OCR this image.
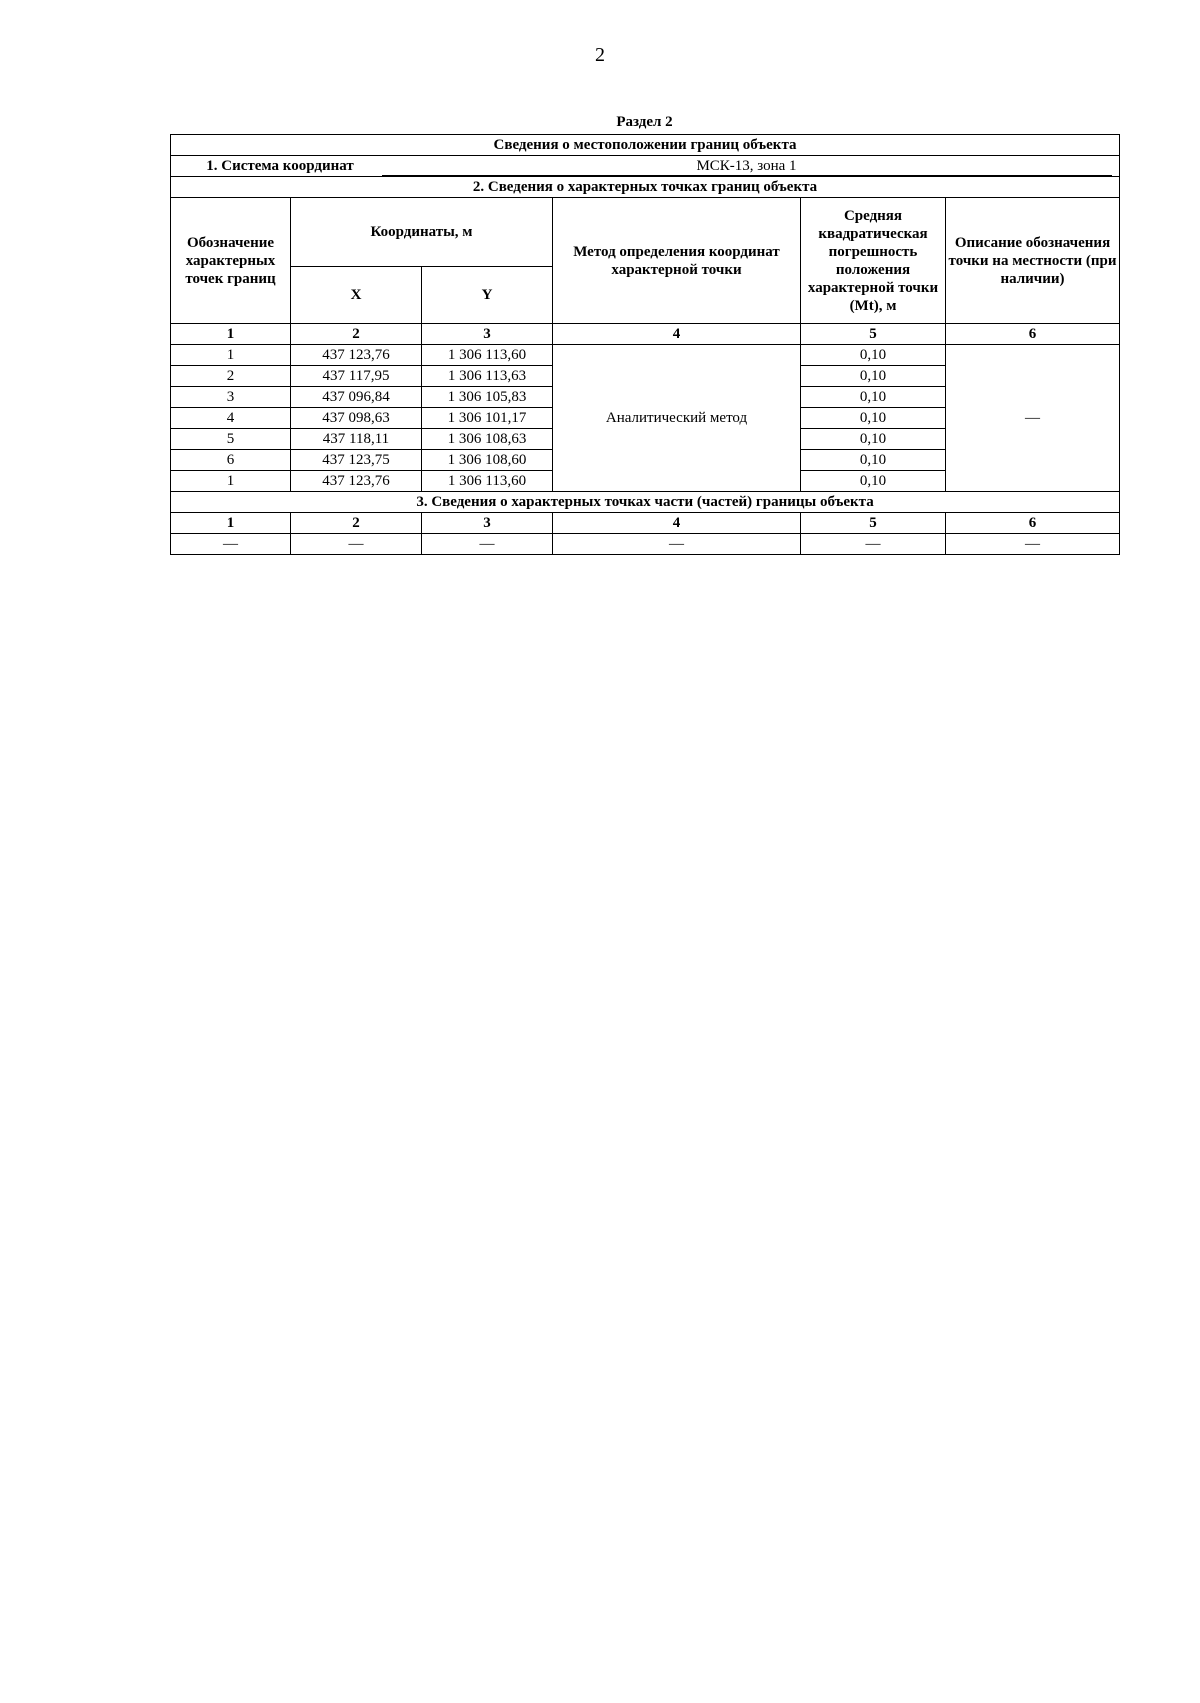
2
Раздел 2
Сведения о местоположении границ объекта					
1. Система координат МСК-13, зона 1					
2. Сведения о характерных точках границ объекта					
Обозначение характерных точек границ	Координаты, м		Метод определения координат характерной точки	Средняя квадратическая погрешность положения характерной точки (Mt), м	Описание обозначения точки на местности (при наличии)
	X	Y			
1	2	3	4	5	6
1	437 123,76	1 306 113,60	Аналитический метод	0,10	—
2	437 117,95	1 306 113,63		0,10	
3	437 096,84	1 306 105,83		0,10	
4	437 098,63	1 306 101,17		0,10	
5	437 118,11	1 306 108,63		0,10	
6	437 123,75	1 306 108,60		0,10	
1	437 123,76	1 306 113,60		0,10	
3. Сведения о характерных точках части (частей) границы объекта					
1	2	3	4	5	6
—	—	—	—	—	—
